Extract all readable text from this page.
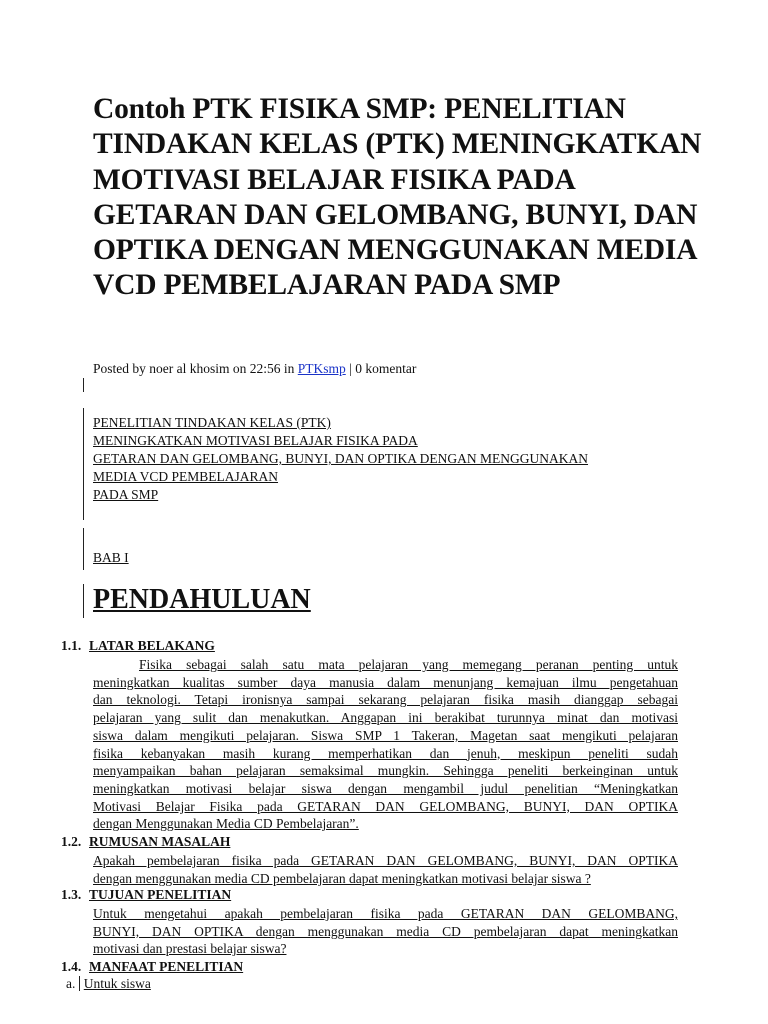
Contoh PTK FISIKA SMP: PENELITIAN TINDAKAN KELAS (PTK) MENINGKATKAN MOTIVASI BELAJAR FISIKA PADA GETARAN DAN GELOMBANG, BUNYI, DAN OPTIKA DENGAN MENGGUNAKAN MEDIA VCD PEMBELAJARAN PADA SMP
Posted by noer al khosim on 22:56 in PTKsmp | 0 komentar
PENELITIAN TINDAKAN KELAS (PTK)
MENINGKATKAN MOTIVASI BELAJAR FISIKA PADA
GETARAN DAN GELOMBANG, BUNYI, DAN OPTIKA DENGAN MENGGUNAKAN
MEDIA VCD PEMBELAJARAN
PADA SMP
BAB I
PENDAHULUAN
1.1. LATAR BELAKANG
Fisika sebagai salah satu mata pelajaran yang memegang peranan penting untuk
meningkatkan kualitas sumber daya manusia dalam menunjang kemajuan ilmu pengetahuan
dan teknologi. Tetapi ironisnya sampai sekarang pelajaran fisika masih dianggap sebagai
pelajaran yang sulit dan menakutkan. Anggapan ini berakibat turunnya minat dan motivasi
siswa dalam mengikuti pelajaran. Siswa SMP 1 Takeran, Magetan saat mengikuti pelajaran
fisika kebanyakan masih kurang memperhatikan dan jenuh, meskipun peneliti sudah
menyampaikan bahan pelajaran semaksimal mungkin. Sehingga peneliti berkeinginan untuk
meningkatkan motivasi belajar siswa dengan mengambil judul penelitian “Meningkatkan
Motivasi Belajar Fisika pada GETARAN DAN GELOMBANG, BUNYI, DAN OPTIKA
dengan Menggunakan Media CD Pembelajaran”.
1.2. RUMUSAN MASALAH
Apakah pembelajaran fisika pada GETARAN DAN GELOMBANG, BUNYI, DAN OPTIKA
dengan menggunakan media CD pembelajaran dapat meningkatkan motivasi belajar siswa ?
1.3. TUJUAN PENELITIAN
Untuk mengetahui apakah pembelajaran fisika pada GETARAN DAN GELOMBANG,
BUNYI, DAN OPTIKA dengan menggunakan media CD pembelajaran dapat meningkatkan
motivasi dan prestasi belajar siswa?
1.4. MANFAAT PENELITIAN
a. Untuk siswa
